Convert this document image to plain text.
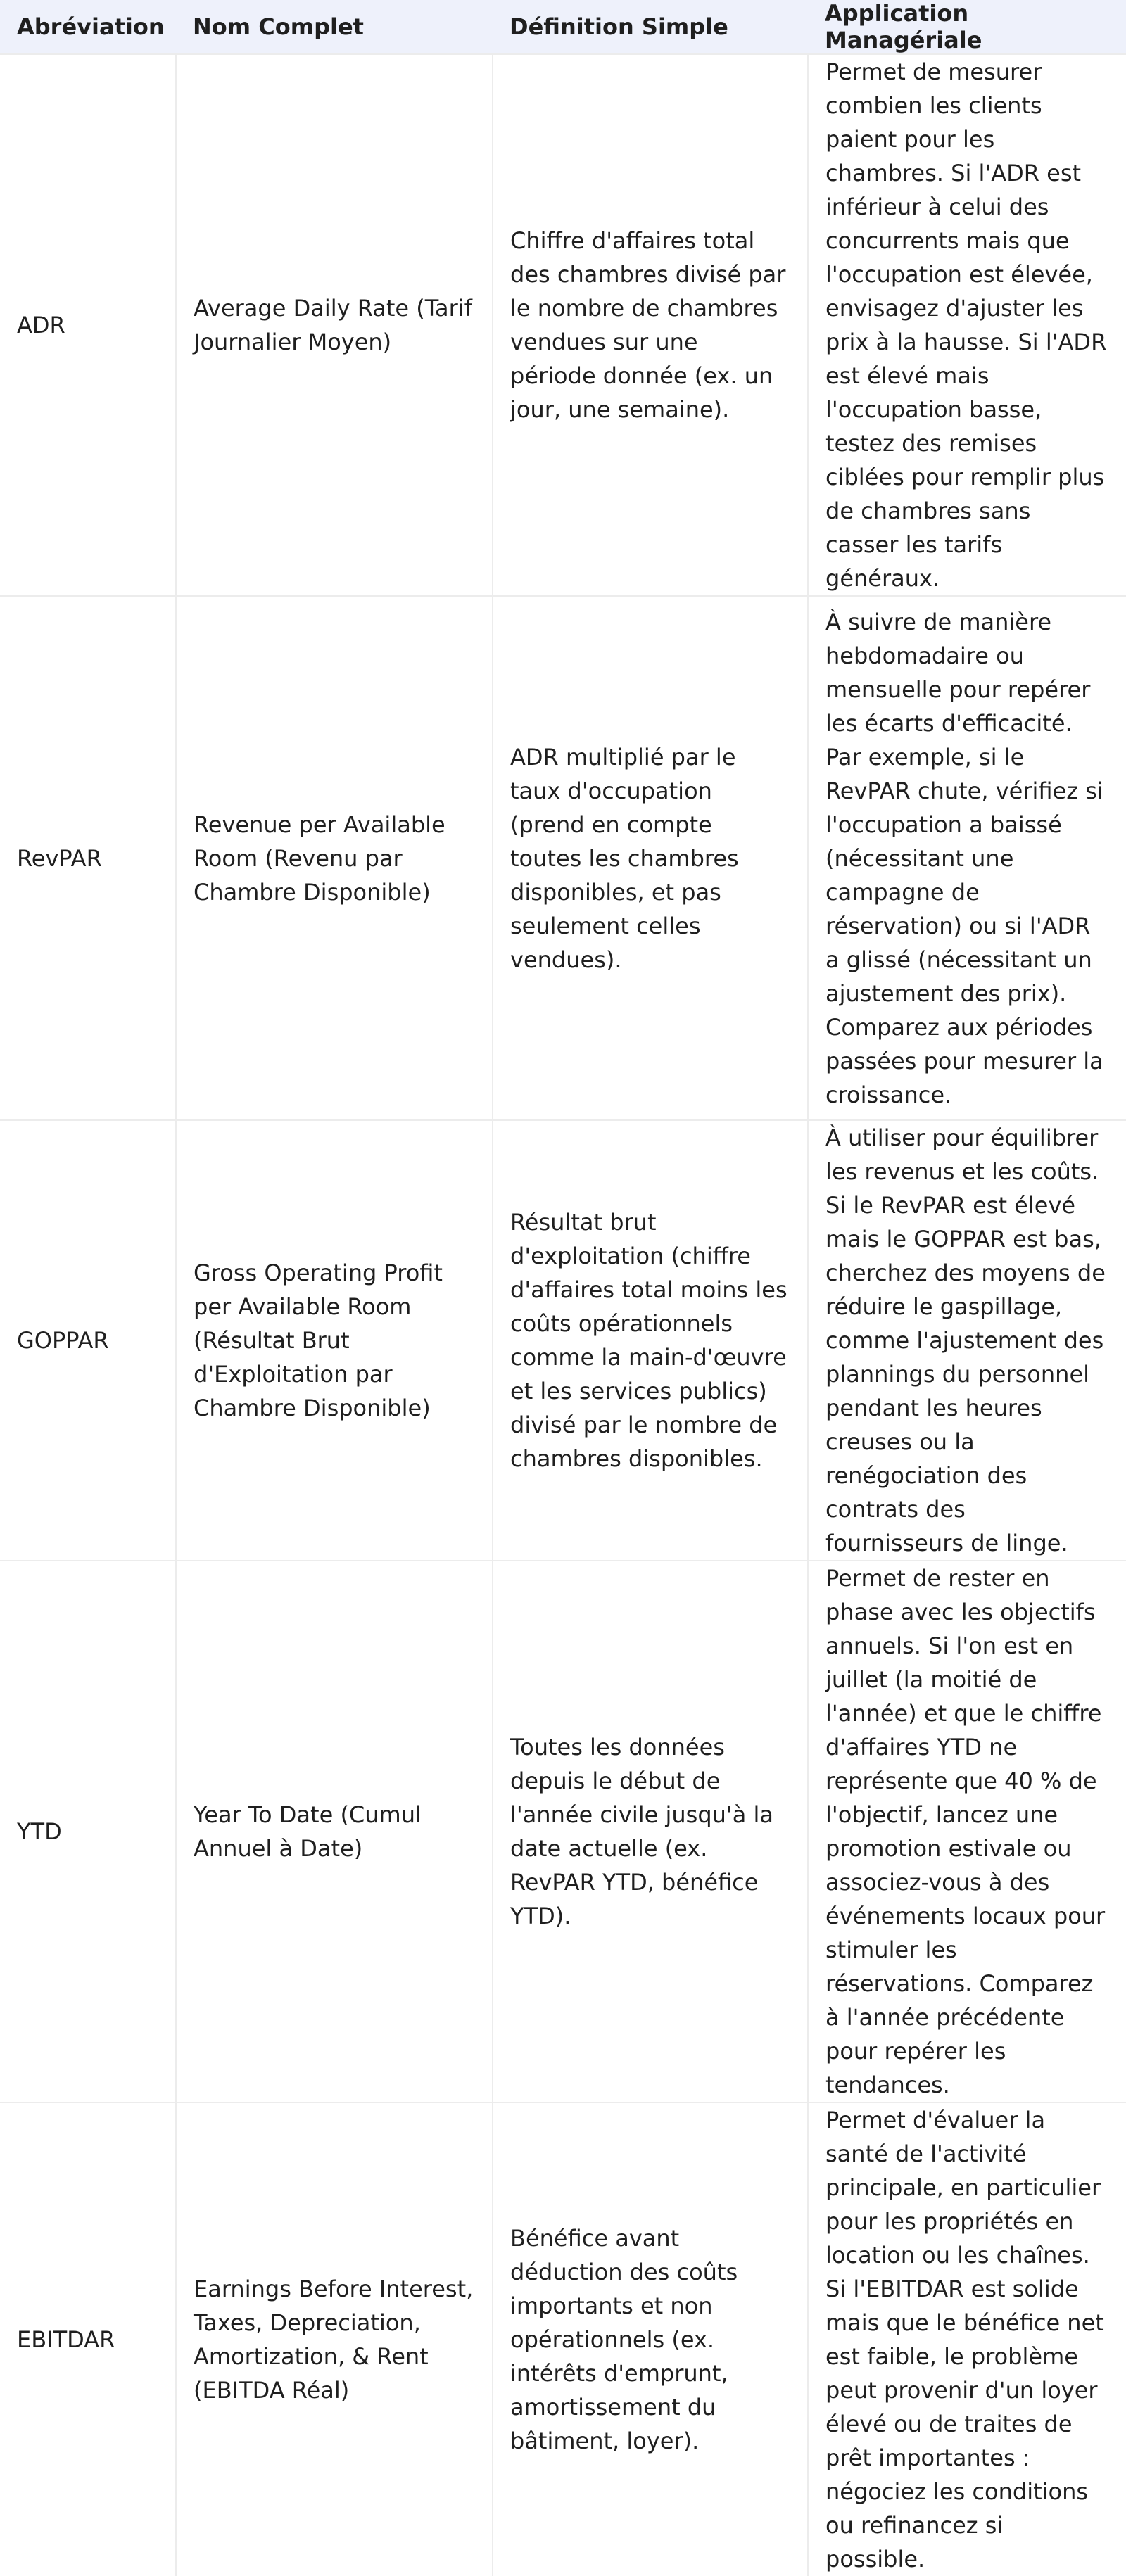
Abréviation	Nom Complet	Définition Simple	Application Managériale

ADR	Average Daily Rate (Tarif Journalier Moyen)	Chiffre d'affaires total des chambres divisé par le nombre de chambres vendues sur une période donnée (ex. un jour, une semaine).	Permet de mesurer combien les clients paient pour les chambres. Si l'ADR est inférieur à celui des concurrents mais que l'occupation est élevée, envisagez d'ajuster les prix à la hausse. Si l'ADR est élevé mais l'occupation basse, testez des remises ciblées pour remplir plus de chambres sans casser les tarifs généraux.

RevPAR	Revenue per Available Room (Revenu par Chambre Disponible)	ADR multiplié par le taux d'occupation (prend en compte toutes les chambres disponibles, et pas seulement celles vendues).	À suivre de manière hebdomadaire ou mensuelle pour repérer les écarts d'efficacité. Par exemple, si le RevPAR chute, vérifiez si l'occupation a baissé (nécessitant une campagne de réservation) ou si l'ADR a glissé (nécessitant un ajustement des prix). Comparez aux périodes passées pour mesurer la croissance.

GOPPAR	Gross Operating Profit per Available Room (Résultat Brut d'Exploitation par Chambre Disponible)	Résultat brut d'exploitation (chiffre d'affaires total moins les coûts opérationnels comme la main-d'œuvre et les services publics) divisé par le nombre de chambres disponibles.	À utiliser pour équilibrer les revenus et les coûts. Si le RevPAR est élevé mais le GOPPAR est bas, cherchez des moyens de réduire le gaspillage, comme l'ajustement des plannings du personnel pendant les heures creuses ou la renégociation des contrats des fournisseurs de linge.

YTD	Year To Date (Cumul Annuel à Date)	Toutes les données depuis le début de l'année civile jusqu'à la date actuelle (ex. RevPAR YTD, bénéfice YTD).	Permet de rester en phase avec les objectifs annuels. Si l'on est en juillet (la moitié de l'année) et que le chiffre d'affaires YTD ne représente que 40 % de l'objectif, lancez une promotion estivale ou associez-vous à des événements locaux pour stimuler les réservations. Comparez à l'année précédente pour repérer les tendances.

EBITDAR	Earnings Before Interest, Taxes, Depreciation, Amortization, & Rent (EBITDA Réal)	Bénéfice avant déduction des coûts importants et non opérationnels (ex. intérêts d'emprunt, amortissement du bâtiment, loyer).	Permet d'évaluer la santé de l'activité principale, en particulier pour les propriétés en location ou les chaînes. Si l'EBITDAR est solide mais que le bénéfice net est faible, le problème peut provenir d'un loyer élevé ou de traites de prêt importantes : négociez les conditions ou refinancez si possible.
